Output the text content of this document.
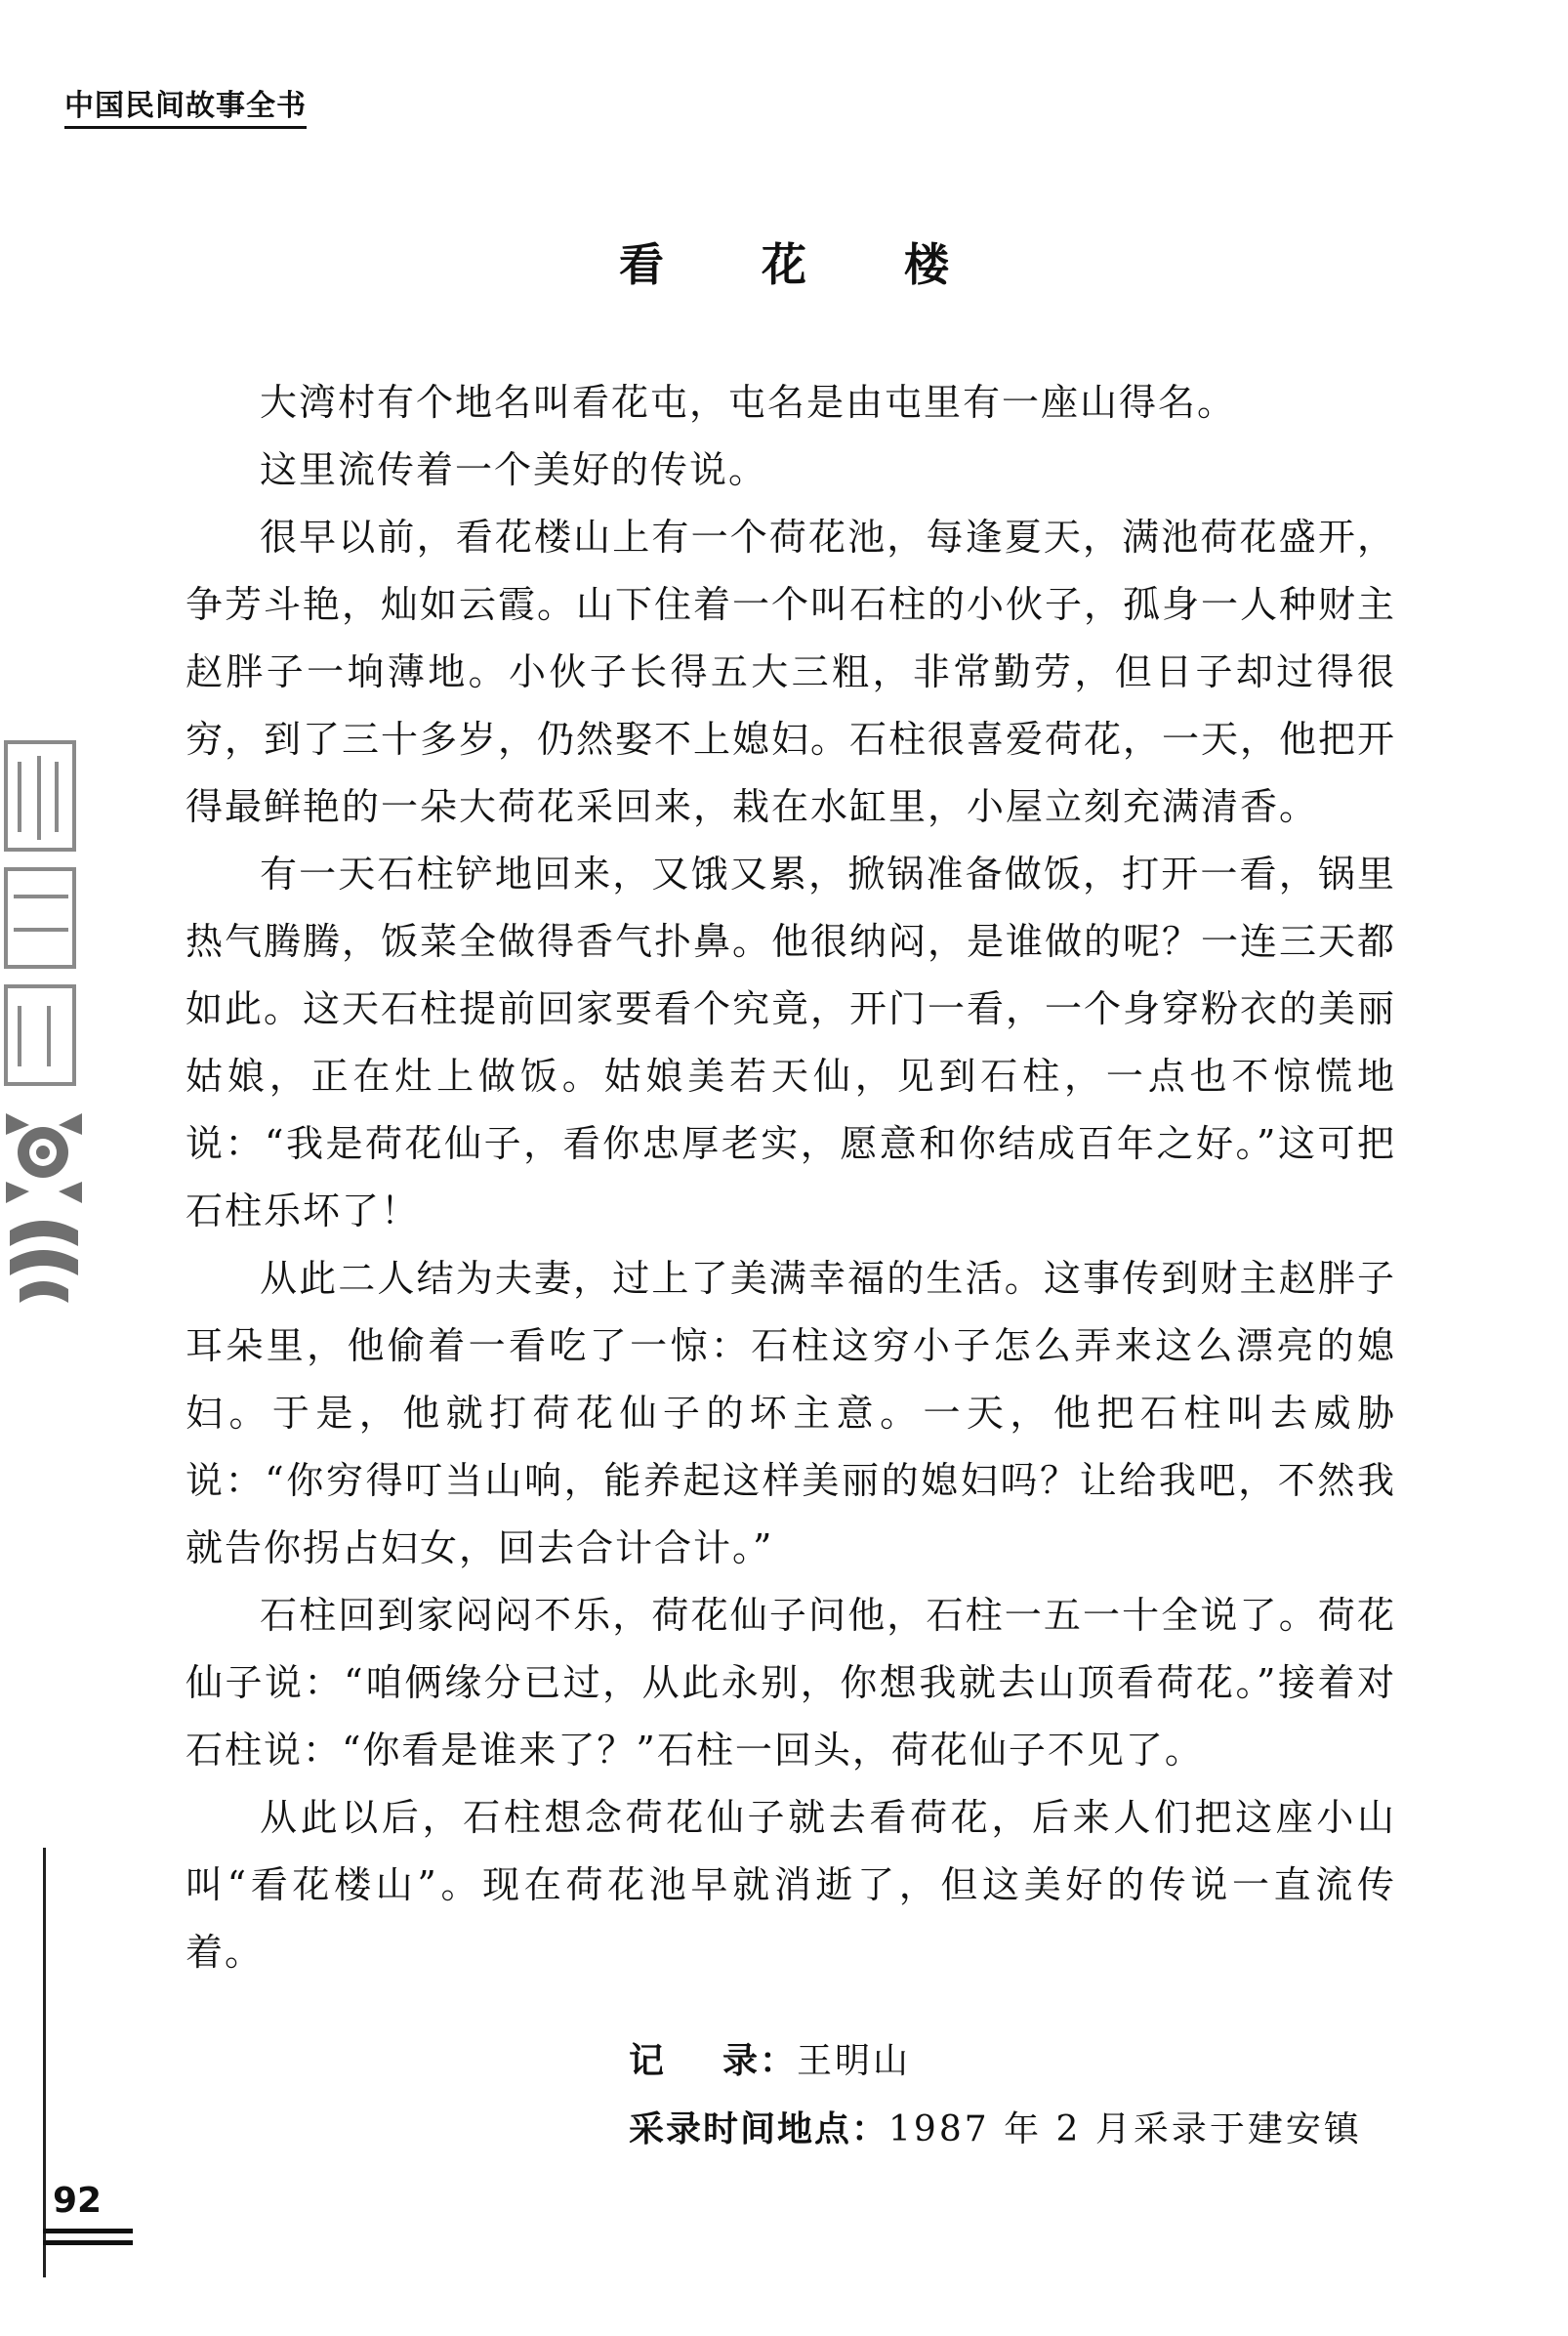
中国民间故事全书
看 花 楼

大湾村有个地名叫看花屯，屯名是由屯里有一座山得名。

这里流传着一个美好的传说。

很早以前，看花楼山上有一个荷花池，每逢夏天，满池荷花盛开，争芳斗艳，灿如云霞。山下住着一个叫石柱的小伙子，孤身一人种财主赵胖子一垧薄地。小伙子长得五大三粗，非常勤劳，但日子却过得很穷，到了三十多岁，仍然娶不上媳妇。石柱很喜爱荷花，一天，他把开得最鲜艳的一朵大荷花采回来，栽在水缸里，小屋立刻充满清香。

有一天石柱铲地回来，又饿又累，掀锅准备做饭，打开一看，锅里热气腾腾，饭菜全做得香气扑鼻。他很纳闷，是谁做的呢？一连三天都如此。这天石柱提前回家要看个究竟，开门一看，一个身穿粉衣的美丽姑娘，正在灶上做饭。姑娘美若天仙，见到石柱，一点也不惊慌地说：“我是荷花仙子，看你忠厚老实，愿意和你结成百年之好。”这可把石柱乐坏了！

从此二人结为夫妻，过上了美满幸福的生活。这事传到财主赵胖子耳朵里，他偷着一看吃了一惊：石柱这穷小子怎么弄来这么漂亮的媳妇。于是，他就打荷花仙子的坏主意。一天，他把石柱叫去威胁说：“你穷得叮当山响，能养起这样美丽的媳妇吗？让给我吧，不然我就告你拐占妇女，回去合计合计。”

石柱回到家闷闷不乐，荷花仙子问他，石柱一五一十全说了。荷花仙子说：“咱俩缘分已过，从此永别，你想我就去山顶看荷花。”接着对石柱说：“你看是谁来了？”石柱一回头，荷花仙子不见了。

从此以后，石柱想念荷花仙子就去看荷花，后来人们把这座小山叫“看花楼山”。现在荷花池早就消逝了，但这美好的传说一直流传着。

记录：王明山
采录时间地点：1987 年 2 月采录于建安镇
92
